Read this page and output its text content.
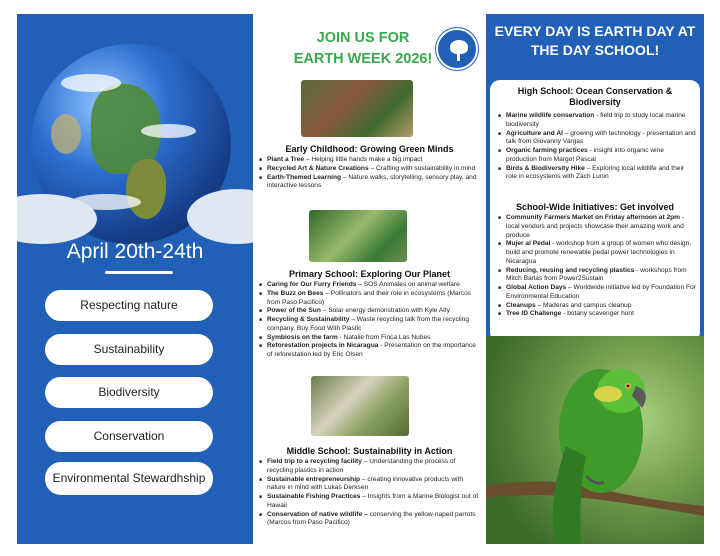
April 20th-24th
Respecting nature
Sustainability
Biodiversity
Conservation
Environmental Stewardhship
JOIN US FOR
EARTH WEEK 2026!
Early Childhood: Growing Green Minds
■ Plant a Tree – Helping little hands make a big impact
■ Recycled Art & Nature Creations – Crafting with sustainability in mind
■ Earth-Themed Learning – Nature walks, storytelling, sensory play, and interactive lessons
Primary School: Exploring Our Planet
■ Caring for Our Furry Friends – SOS Animales on animal welfare
■ The Buzz on Bees – Pollinators and their role in ecosystems (Marcos from Paso Pacifico)
■ Power of the Sun – Solar energy demonstration with Kyle Alty
■ Recycling & Sustainability – Waste recycling talk from the recycling company, Buy Food With Plastic
■ Symbiosis on the farm - Natalie from Finca Las Nubes
■ Reforestation projects in Nicaragua - Presentation on the importance of reforestation led by Eric Olsen
Middle School: Sustainability in Action
■ Field trip to a recycling facility – Understanding the process of recycling plastics in action
■ Sustainable entrepreneurship – creating innovative products with nature in mind with Lukas Derksen
■ Sustainable Fishing Practices – Insights from a Marine Biologist out of Hawaii
■ Conservation of native wildlife – conserving the yellow-naped parrots (Marcos from Paso Pacifico)
EVERY DAY IS EARTH DAY AT THE DAY SCHOOL!
High School: Ocean Conservation & Biodiversity
■ Marine wildlife conservation - field trip to study local marine biodiversity
■ Agriculture and AI – growing with technology - presentation and talk from Giovanny Vargas
■ Organic farming practices - insight into organic wine production from Margot Pascal
■ Birds & Biodiversity Hike – Exploring local wildlife and their role in ecosystems with Zach Lunin
School-Wide Initiatives: Get involved
■ Community Farmers Market on Friday afternoon at 2pm - local vendors and projects showcase their amazing work and produce
■ Mujer al Pedal - workshop from a group of women who design, build and promote renewable pedal power technologies in Nicaragua
■ Reducing, reusing and recycling plastics - workshops from Mitch Barlas from Power2Sustain
■ Global Action Days – Worldwide initiative led by Foundation For Environmental Education
■ Cleanups – Maderas and campus cleanup
■ Tree ID Challenge - botany scavenger hunt
